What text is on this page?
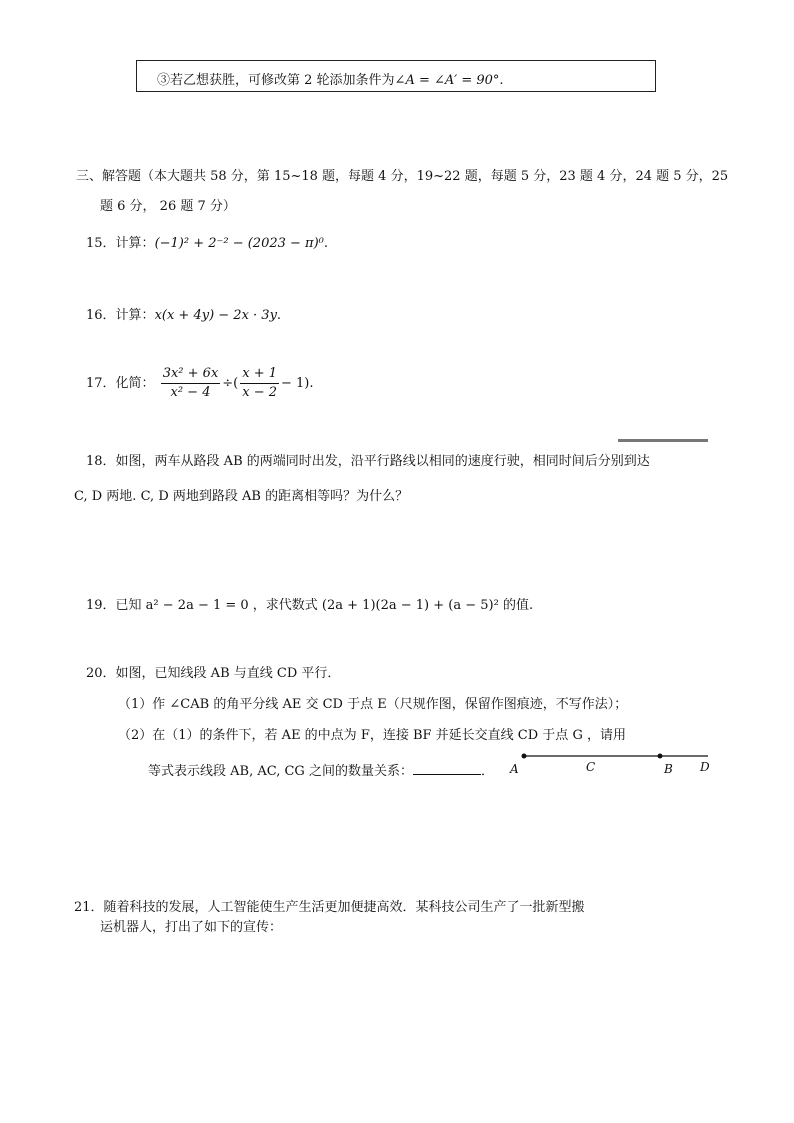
③若乙想获胜，可修改第 2 轮添加条件为∠A = ∠A′ = 90°.
三、解答题（本大题共 58 分，第 15~18 题，每题 4 分，19~22 题，每题 5 分，23 题 4 分，24 题 5 分，25
题 6 分， 26 题 7 分）
15．计算：(−1)² + 2⁻² − (2023 − π)⁰.
16．计算：x(x + 4y) − 2x · 3y.
17．化简： $\frac{\text{3x² + 6x}}{\text{x² − 4}}$ ÷( $\frac{x + 1}{x - 2} - 1$).
18．如图，两车从路段 AB 的两端同时出发，沿平行路线以相同的速度行驶，相同时间后分别到达
C, D 两地. C, D 两地到路段 AB 的距离相等吗？为什么？
19．已知 a² − 2a − 1 = 0 ，求代数式 (2a + 1)(2a − 1) + (a − 5)² 的值.
20．如图，已知线段 AB 与直线 CD 平行．
（1）作 ∠CAB 的角平分线 AE 交 CD 于点 E（尺规作图，保留作图痕迹，不写作法）；
（2）在（1）的条件下，若 AE 的中点为 F，连接 BF 并延长交直线 CD 于点 G ，请用
等式表示线段 AB, AC, CG 之间的数量关系：	． A	C	B D
21．随着科技的发展，人工智能使生产生活更加便捷高效．某科技公司生产了一批新型搬
运机器人，打出了如下的宣传：
